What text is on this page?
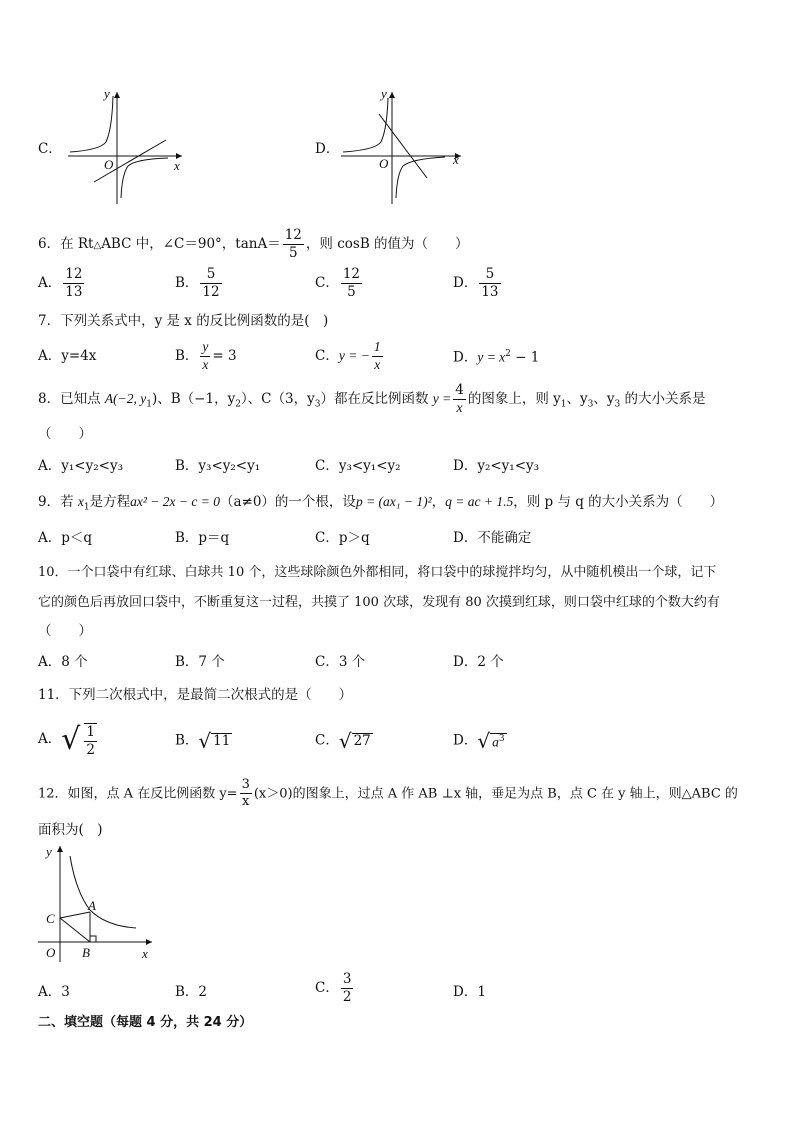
C．
y
x
O
D．
y
x
O
6．在 Rt△ABC 中，∠C＝90°，$\tan A= \frac{12}{5}$ ，则 cosB 的值为（　　）
A． $\frac{12}{13}$	B． $\frac{5}{12}$	C． $\frac{12}{5}$	D． $\frac{5}{13}$
7．下列关系式中，y 是 x 的反比例函数的是(　)
A．y=4x	B． $\frac{y}{x} = 3$	C．y = − $\frac{1}{x}$	D．$y = x^2 - 1$
8．已知点 A(−2, $y_1$)、B（−1，$y_2$）、C（3，$y_3$）都在反比例函数 $y = \frac{4}{x}$ 的图象上，则 $y_1$、$y_3$、$y_3$ 的大小关系是
（　　）
A．y₁<y₂<y₃	B．y₃<y₂<y₁	C．y₃<y₁<y₂	D．y₂<y₁<y₃
9．若 $x_1$是方程ax² − 2x − c = 0（a≠0）的一个根，设p = (ax₁ − 1)²，q = ac + 1.5，则 p 与 q 的大小关系为（　　）
A．p＜q	B．p＝q	C．p＞q	D．不能确定
10．一个口袋中有红球、白球共 10 个，这些球除颜色外都相同，将口袋中的球搅拌均匀，从中随机模出一个球，记下
它的颜色后再放回口袋中，不断重复这一过程，共摸了 100 次球，发现有 80 次摸到红球，则口袋中红球的个数大约有
（　　）
A．8 个	B．7 个	C．3 个	D．2 个
11．下列二次根式中，是最简二次根式的是（　　）
A．√ $\frac{1}{2}$	B．√ 11	C．√ 27	D．√ $a^3$
12．如图，点 A 在反比例函数 $y= \frac{3}{x} (x>0)$的图象上，过点 A 作 AB ⊥x 轴，垂足为点 B，点 C 在 y 轴上，则△ABC 的
面积为(　)
y
x
O
A
B
C
A．3	B．2	C． $\frac{3}{2}$	D．1
二、填空题（每题 4 分，共 24 分）
